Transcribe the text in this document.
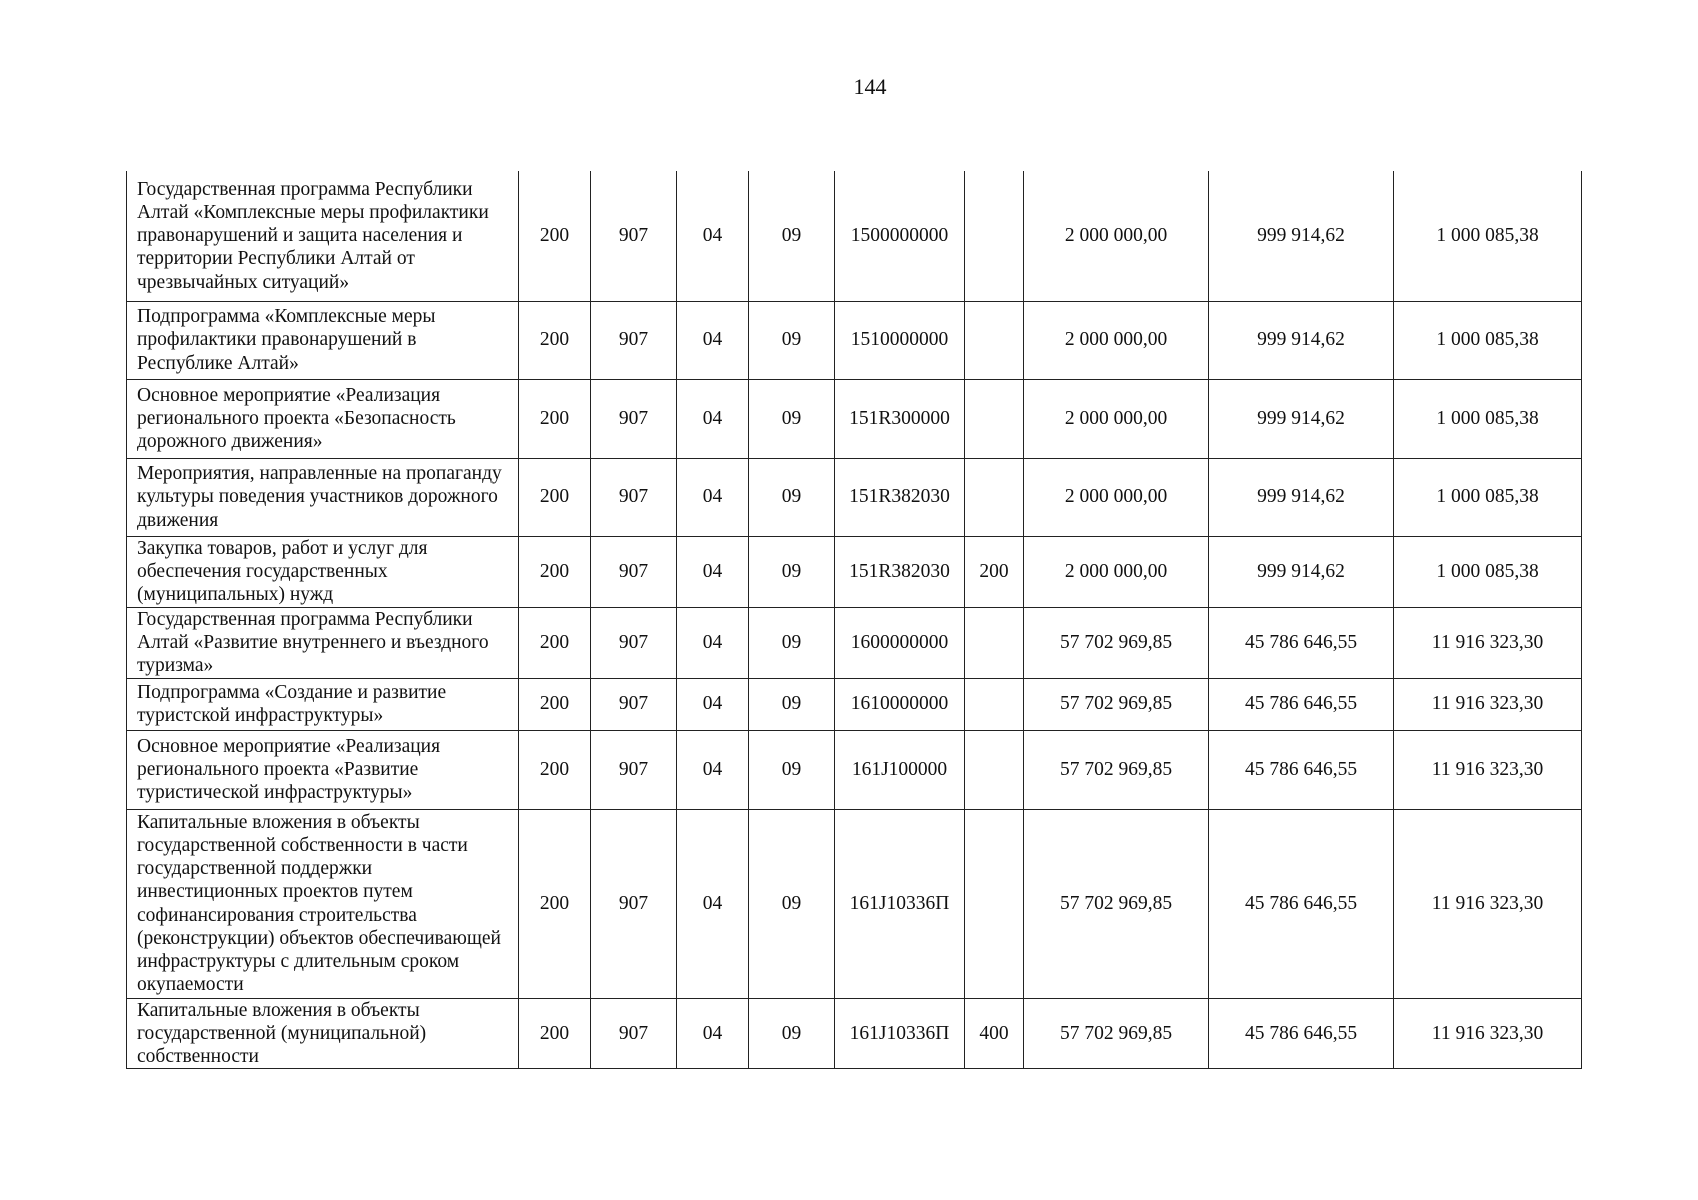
144
Государственная программа Республики Алтай «Комплексные меры профилактики правонарушений и защита населения и территории Республики Алтай от чрезвычайных ситуаций»	200	907	04	09	1500000000		2 000 000,00	999 914,62	1 000 085,38
Подпрограмма «Комплексные меры профилактики правонарушений в Республике Алтай»	200	907	04	09	1510000000		2 000 000,00	999 914,62	1 000 085,38
Основное мероприятие «Реализация регионального проекта «Безопасность дорожного движения»	200	907	04	09	151R300000		2 000 000,00	999 914,62	1 000 085,38
Мероприятия, направленные на пропаганду культуры поведения участников дорожного движения	200	907	04	09	151R382030		2 000 000,00	999 914,62	1 000 085,38
Закупка товаров, работ и услуг для обеспечения государственных (муниципальных) нужд	200	907	04	09	151R382030	200	2 000 000,00	999 914,62	1 000 085,38
Государственная программа Республики Алтай «Развитие внутреннего и въездного туризма»	200	907	04	09	1600000000		57 702 969,85	45 786 646,55	11 916 323,30
Подпрограмма «Создание и развитие туристской инфраструктуры»	200	907	04	09	1610000000		57 702 969,85	45 786 646,55	11 916 323,30
Основное мероприятие «Реализация регионального проекта «Развитие туристической инфраструктуры»	200	907	04	09	161J100000		57 702 969,85	45 786 646,55	11 916 323,30
Капитальные вложения в объекты государственной собственности в части государственной поддержки инвестиционных проектов путем софинансирования строительства (реконструкции) объектов обеспечивающей инфраструктуры с длительным сроком окупаемости	200	907	04	09	161J10336П		57 702 969,85	45 786 646,55	11 916 323,30
Капитальные вложения в объекты государственной (муниципальной) собственности	200	907	04	09	161J10336П	400	57 702 969,85	45 786 646,55	11 916 323,30
